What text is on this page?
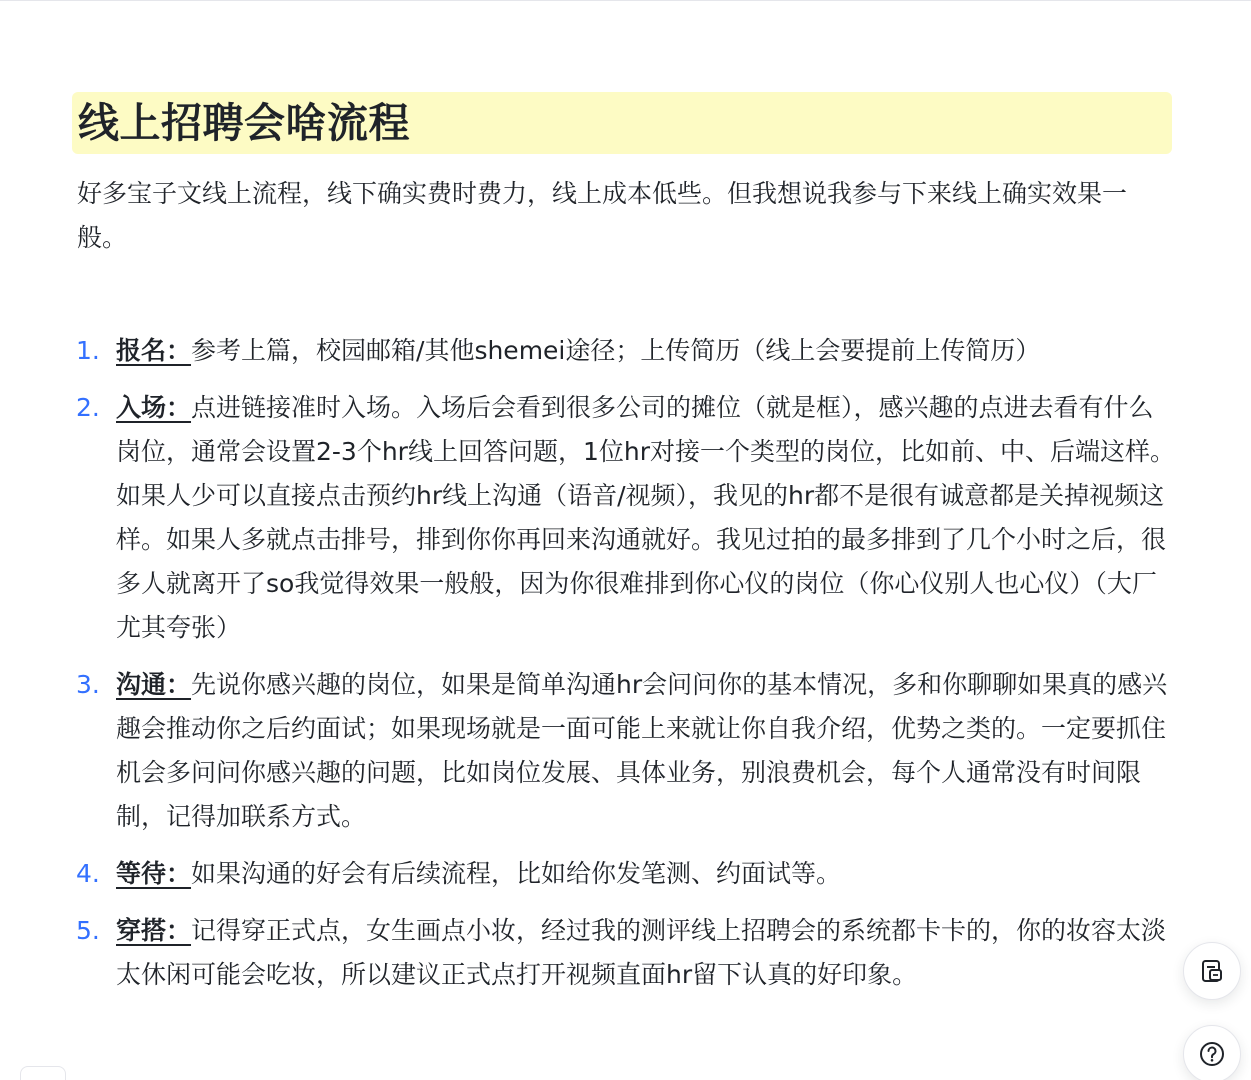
线上招聘会啥流程

好多宝子文线上流程，线下确实费时费力，线上成本低些。但我想说我参与下来线上确实效果一般。

1. 报名：参考上篇，校园邮箱/其他shemei途径；上传简历（线上会要提前上传简历）
2. 入场：点进链接准时入场。入场后会看到很多公司的摊位（就是框），感兴趣的点进去看有什么岗位，通常会设置2-3个hr线上回答问题，1位hr对接一个类型的岗位，比如前、中、后端这样。如果人少可以直接点击预约hr线上沟通（语音/视频），我见的hr都不是很有诚意都是关掉视频这样。如果人多就点击排号，排到你你再回来沟通就好。我见过拍的最多排到了几个小时之后，很多人就离开了so我觉得效果一般般，因为你很难排到你心仪的岗位（你心仪别人也心仪）（大厂尤其夸张）
3. 沟通：先说你感兴趣的岗位，如果是简单沟通hr会问问你的基本情况，多和你聊聊如果真的感兴趣会推动你之后约面试；如果现场就是一面可能上来就让你自我介绍，优势之类的。一定要抓住机会多问问你感兴趣的问题，比如岗位发展、具体业务，别浪费机会，每个人通常没有时间限制，记得加联系方式。
4. 等待：如果沟通的好会有后续流程，比如给你发笔测、约面试等。
5. 穿搭：记得穿正式点，女生画点小妆，经过我的测评线上招聘会的系统都卡卡的，你的妆容太淡太休闲可能会吃妆，所以建议正式点打开视频直面hr留下认真的好印象。
